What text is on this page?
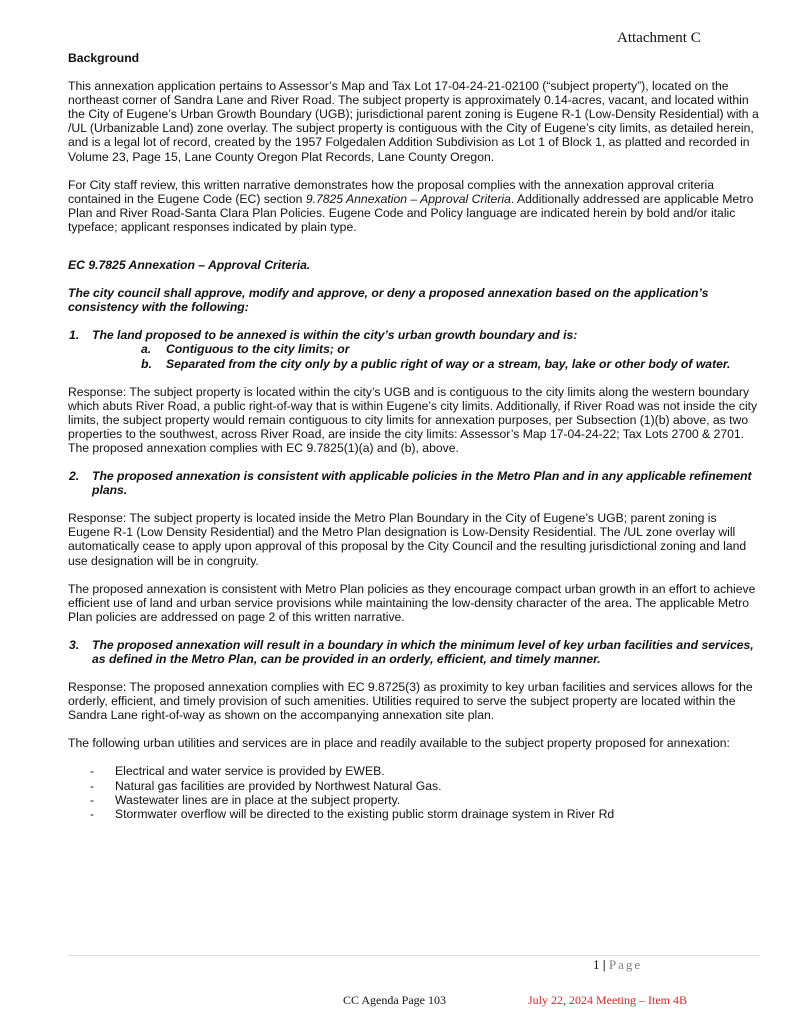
Attachment C

Background

This annexation application pertains to Assessor’s Map and Tax Lot 17-04-24-21-02100 (“subject property”), located on the northeast corner of Sandra Lane and River Road. The subject property is approximately 0.14-acres, vacant, and located within the City of Eugene’s Urban Growth Boundary (UGB); jurisdictional parent zoning is Eugene R-1 (Low-Density Residential) with a /UL (Urbanizable Land) zone overlay. The subject property is contiguous with the City of Eugene’s city limits, as detailed herein, and is a legal lot of record, created by the 1957 Folgedalen Addition Subdivision as Lot 1 of Block 1, as platted and recorded in Volume 23, Page 15, Lane County Oregon Plat Records, Lane County Oregon.

For City staff review, this written narrative demonstrates how the proposal complies with the annexation approval criteria contained in the Eugene Code (EC) section 9.7825 Annexation – Approval Criteria. Additionally addressed are applicable Metro Plan and River Road-Santa Clara Plan Policies. Eugene Code and Policy language are indicated herein by bold and/or italic typeface; applicant responses indicated by plain type.

EC 9.7825 Annexation – Approval Criteria.

The city council shall approve, modify and approve, or deny a proposed annexation based on the application’s consistency with the following:

1.	The land proposed to be annexed is within the city’s urban growth boundary and is:
a.	Contiguous to the city limits; or
b.	Separated from the city only by a public right of way or a stream, bay, lake or other body of water.

Response: The subject property is located within the city’s UGB and is contiguous to the city limits along the western boundary which abuts River Road, a public right-of-way that is within Eugene’s city limits. Additionally, if River Road was not inside the city limits, the subject property would remain contiguous to city limits for annexation purposes, per Subsection (1)(b) above, as two properties to the southwest, across River Road, are inside the city limits: Assessor’s Map 17-04-24-22; Tax Lots 2700 & 2701. The proposed annexation complies with EC 9.7825(1)(a) and (b), above.

2.	The proposed annexation is consistent with applicable policies in the Metro Plan and in any applicable refinement plans.

Response: The subject property is located inside the Metro Plan Boundary in the City of Eugene’s UGB; parent zoning is Eugene R-1 (Low Density Residential) and the Metro Plan designation is Low-Density Residential. The /UL zone overlay will automatically cease to apply upon approval of this proposal by the City Council and the resulting jurisdictional zoning and land use designation will be in congruity.

The proposed annexation is consistent with Metro Plan policies as they encourage compact urban growth in an effort to achieve efficient use of land and urban service provisions while maintaining the low-density character of the area. The applicable Metro Plan policies are addressed on page 2 of this written narrative.

3.	The proposed annexation will result in a boundary in which the minimum level of key urban facilities and services, as defined in the Metro Plan, can be provided in an orderly, efficient, and timely manner.

Response: The proposed annexation complies with EC 9.8725(3) as proximity to key urban facilities and services allows for the orderly, efficient, and timely provision of such amenities. Utilities required to serve the subject property are located within the Sandra Lane right-of-way as shown on the accompanying annexation site plan.

The following urban utilities and services are in place and readily available to the subject property proposed for annexation:

-	Electrical and water service is provided by EWEB.
-	Natural gas facilities are provided by Northwest Natural Gas.
-	Wastewater lines are in place at the subject property.
-	Stormwater overflow will be directed to the existing public storm drainage system in River Rd
1 | Page
CC Agenda Page 103	July 22, 2024 Meeting – Item 4B
